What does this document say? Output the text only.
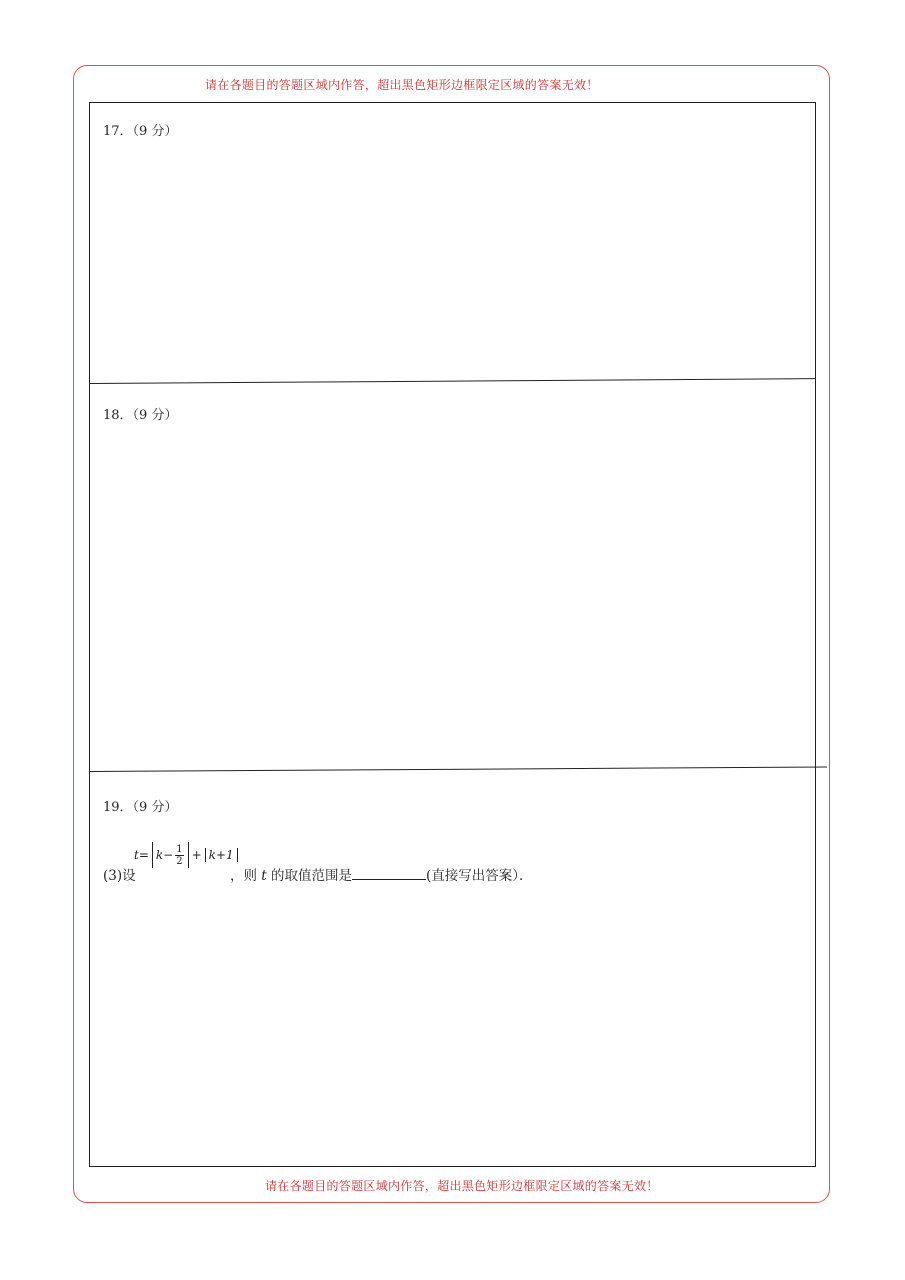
请在各题目的答题区域内作答，超出黑色矩形边框限定区域的答案无效！
17．（9 分）
18．（9 分）
19．（9 分）
(3)设
$t= k- \frac{1}{2} + k+1$
，则 t 的取值范围是	(直接写出答案）．
请在各题目的答题区域内作答，超出黑色矩形边框限定区域的答案无效！
